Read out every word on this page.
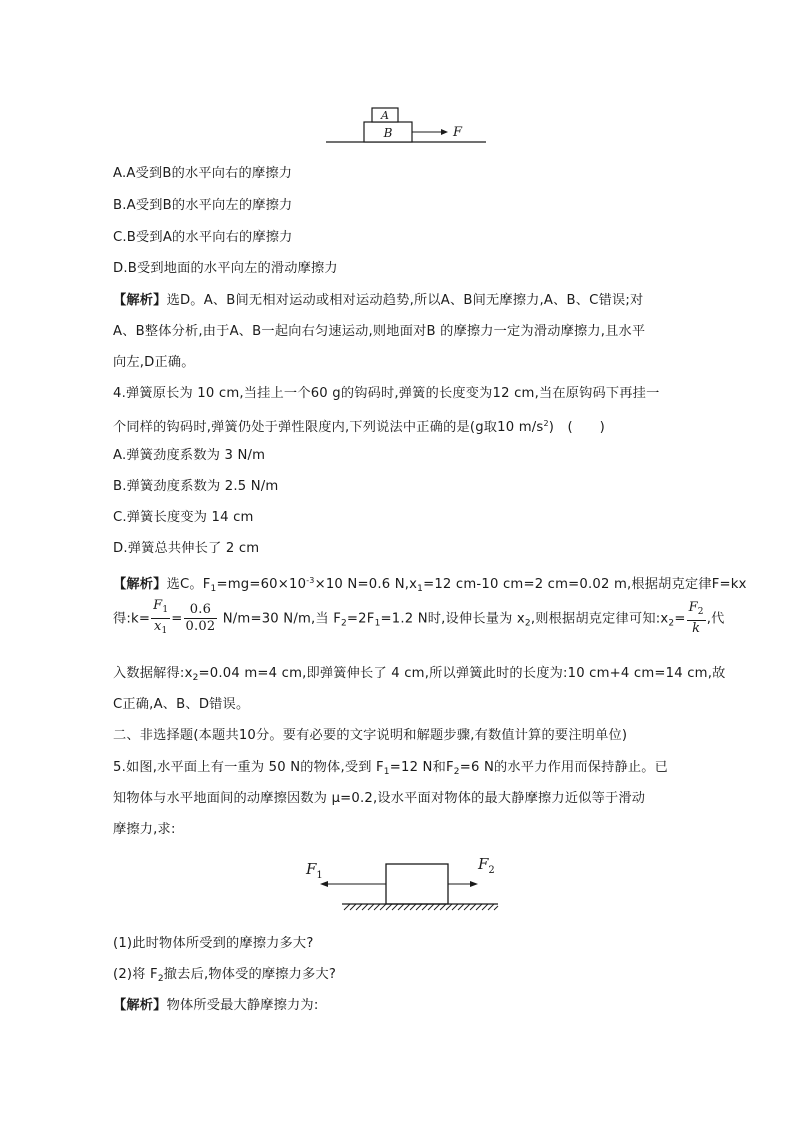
A
B	F
A.A受到B的水平向右的摩擦力
B.A受到B的水平向左的摩擦力
C.B受到A的水平向右的摩擦力
D.B受到地面的水平向左的滑动摩擦力
【解析】选D。A、B间无相对运动或相对运动趋势,所以A、B间无摩擦力,A、B、C错误;对
A、B整体分析,由于A、B一起向右匀速运动,则地面对B 的摩擦力一定为滑动摩擦力,且水平
向左,D正确。
4.弹簧原长为 10 cm,当挂上一个60 g的钩码时,弹簧的长度变为12 cm,当在原钩码下再挂一
个同样的钩码时,弹簧仍处于弹性限度内,下列说法中正确的是(g取10 $m/s^2$)　(　　)
A.弹簧劲度系数为 3 N/m
B.弹簧劲度系数为 2.5 N/m
C.弹簧长度变为 14 cm
D.弹簧总共伸长了 2 cm
【解析】选C。$F_1=mg=60\times 10^{-3}\times 10$ N=0.6 $N,x_1=12$ cm-10 cm=2 cm=0.02 m,根据胡克定律F=kx
得:k= $\frac{F_1}{x_1} = \frac{0.6}{0.02} N/m=30$ N/m,当 $F_2=2F_1=1.2$ N时,设伸长量为 $x_2$,则根据胡克定律可知$:x_2= \frac{F_2}{k}$ ,代
入数据解得$:x_2=0.04$ m=4 cm,即弹簧伸长了 4 cm,所以弹簧此时的长度为:10 cm+4 cm=14 cm,故
C正确,A、B、D错误。
二、非选择题(本题共10分。要有必要的文字说明和解题步骤,有数值计算的要注明单位)
5.如图,水平面上有一重为 50 N的物体,受到 $F_1=12$ N和$F_2=6$ N的水平力作用而保持静止。已
知物体与水平地面间的动摩擦因数为 μ=0.2,设水平面对物体的最大静摩擦力近似等于滑动
摩擦力,求:
$F_1$
$F_2$
(1)此时物体所受到的摩擦力多大?
(2)将 $F_2$撤去后,物体受的摩擦力多大?
【解析】物体所受最大静摩擦力为:
